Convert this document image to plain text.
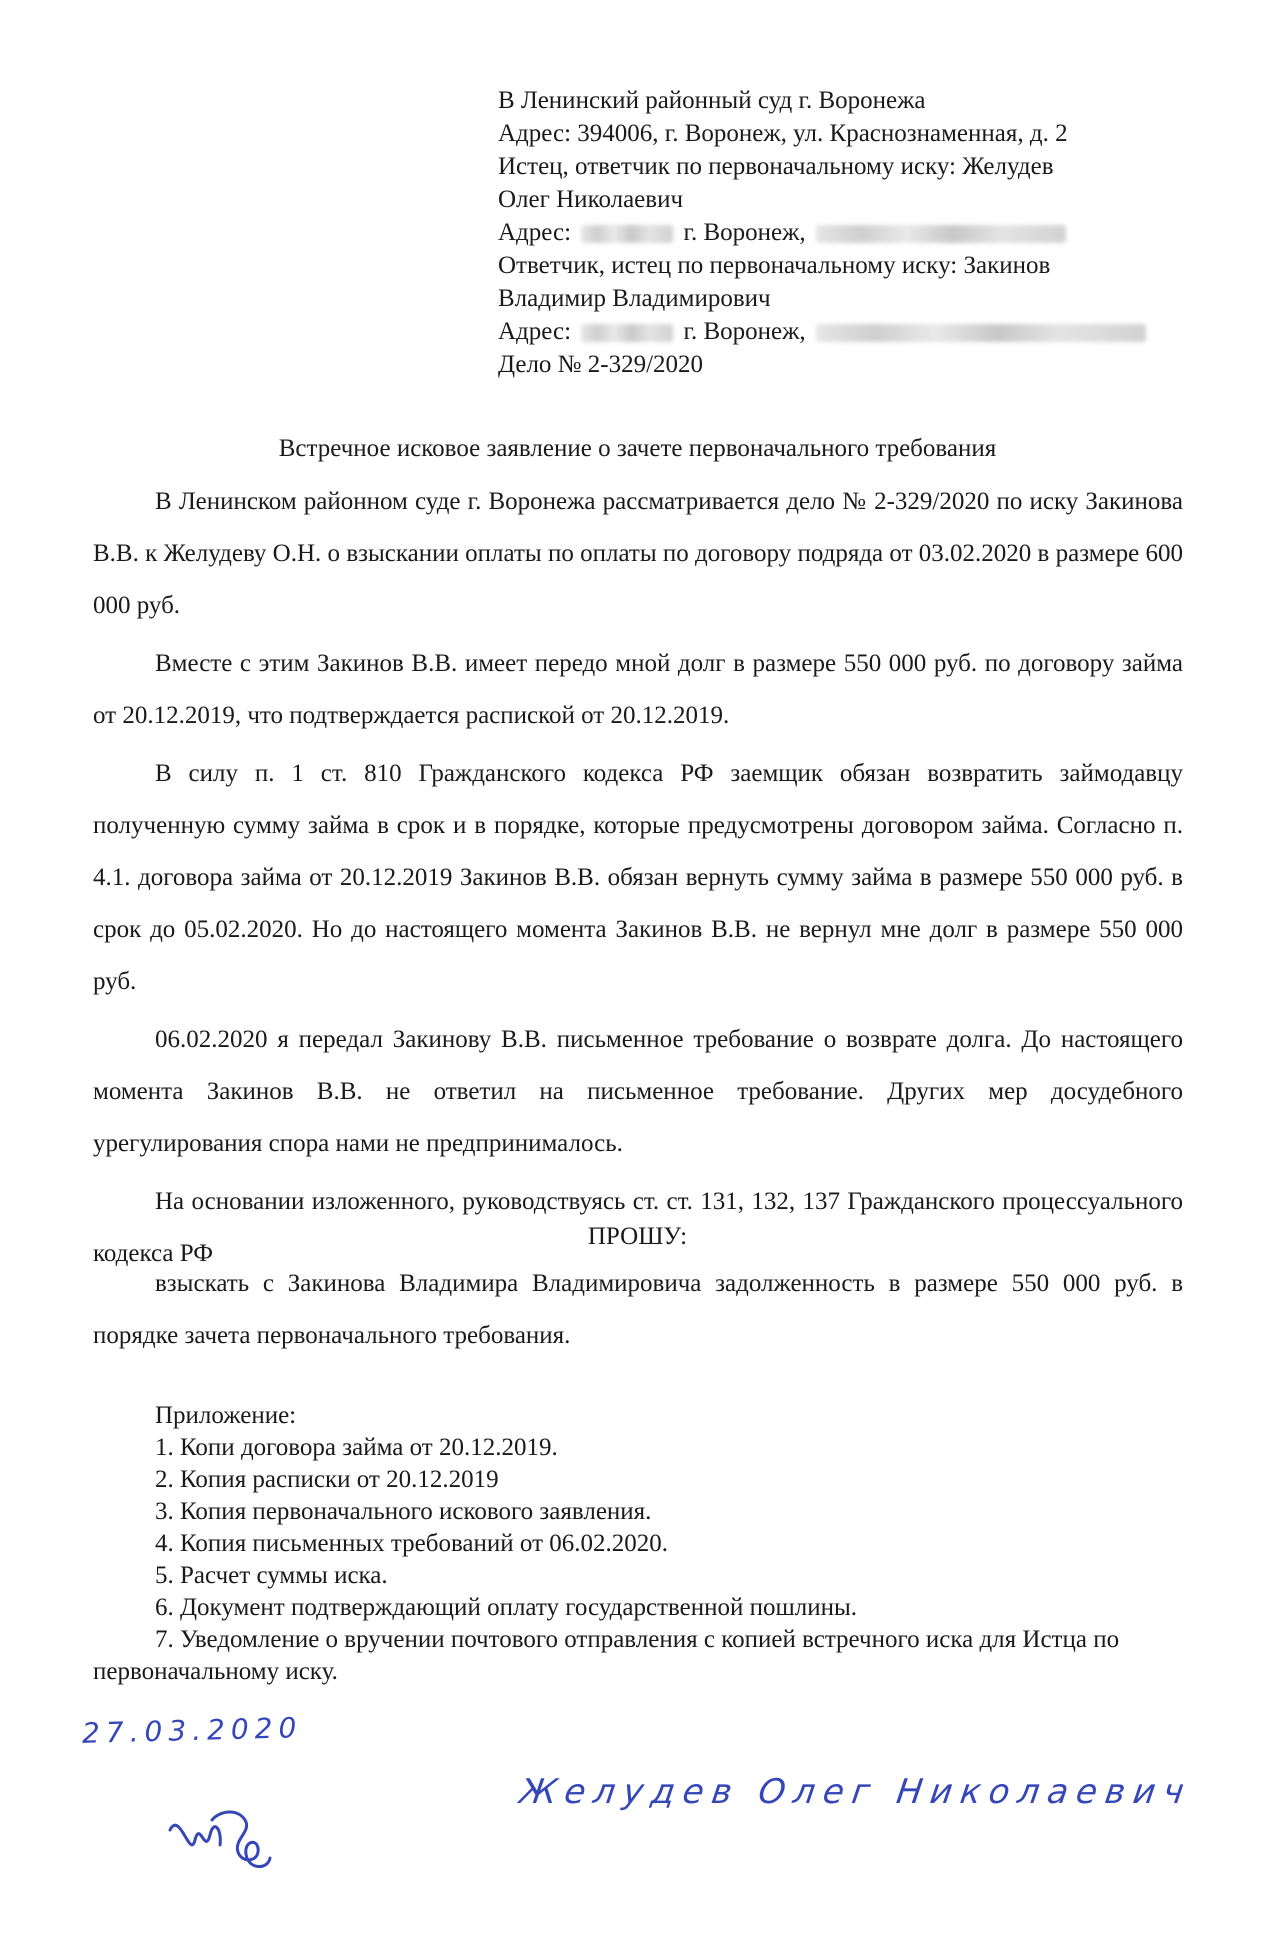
В Ленинский районный суд г. Воронежа
Адрес: 394006, г. Воронеж, ул. Краснознаменная, д. 2
Истец, ответчик по первоначальному иску: Желудев
Олег Николаевич
Адрес:	г. Воронеж,
Ответчик, истец по первоначальному иску: Закинов
Владимир Владимирович
Адрес:	г. Воронеж,
Дело № 2-329/2020
Встречное исковое заявление о зачете первоначального требования

В Ленинском районном суде г. Воронежа рассматривается дело № 2-329/2020 по иску Закинова В.В. к Желудеву О.Н. о взыскании оплаты по оплаты по договору подряда от 03.02.2020 в размере 600 000 руб.

Вместе с этим Закинов В.В. имеет передо мной долг в размере 550 000 руб. по договору займа от 20.12.2019, что подтверждается распиской от 20.12.2019.

В силу п. 1 ст. 810 Гражданского кодекса РФ заемщик обязан возвратить займодавцу полученную сумму займа в срок и в порядке, которые предусмотрены договором займа. Согласно п. 4.1. договора займа от 20.12.2019 Закинов В.В. обязан вернуть сумму займа в размере 550 000 руб. в срок до 05.02.2020. Но до настоящего момента Закинов В.В. не вернул мне долг в размере 550 000 руб.

06.02.2020 я передал Закинову В.В. письменное требование о возврате долга. До настоящего момента Закинов В.В. не ответил на письменное требование. Других мер досудебного урегулирования спора нами не предпринималось.

На основании изложенного, руководствуясь ст. ст. 131, 132, 137 Гражданского процессуального кодекса РФ

ПРОШУ:

взыскать с Закинова Владимира Владимировича задолженность в размере 550 000 руб. в порядке зачета первоначального требования.

Приложение:
1. Копи договора займа от 20.12.2019.
2. Копия расписки от 20.12.2019
3. Копия первоначального искового заявления.
4. Копия письменных требований от 06.02.2020.
5. Расчет суммы иска.
6. Документ подтверждающий оплату государственной пошлины.
7. Уведомление о вручении почтового отправления с копией встречного иска для Истца по первоначальному иску.
27.03.2020
Желудев Олег Николаевич
